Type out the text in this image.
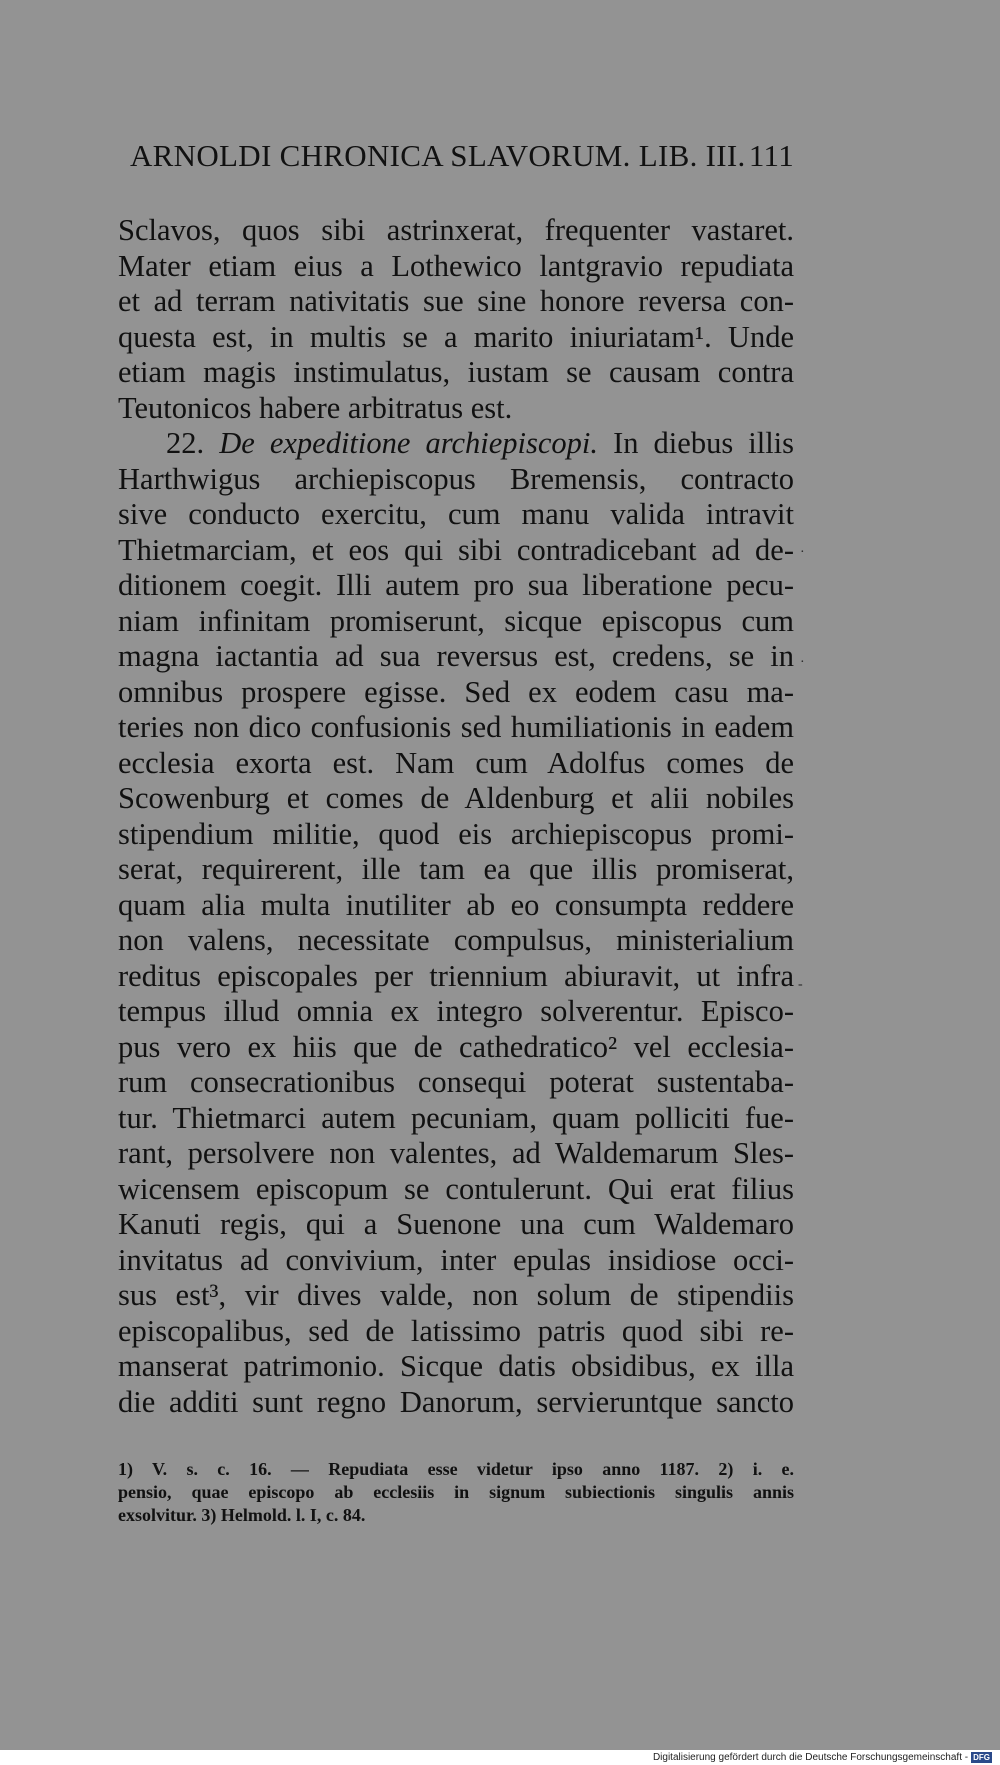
ARNOLDI CHRONICA SLAVORUM. LIB. III. 111
Sclavos, quos sibi astrinxerat, frequenter vastaret.
Mater etiam eius a Lothewico lantgravio repudiata
et ad terram nativitatis sue sine honore reversa con-
questa est, in multis se a marito iniuriatam¹. Unde
etiam magis instimulatus, iustam se causam contra
Teutonicos habere arbitratus est.
22. De expeditione archiepiscopi. In diebus illis
Harthwigus archiepiscopus Bremensis, contracto
sive conducto exercitu, cum manu valida intravit
Thietmarciam, et eos qui sibi contradicebant ad de-
ditionem coegit. Illi autem pro sua liberatione pecu-
niam infinitam promiserunt, sicque episcopus cum
magna iactantia ad sua reversus est, credens, se in
omnibus prospere egisse. Sed ex eodem casu ma-
teries non dico confusionis sed humiliationis in eadem
ecclesia exorta est. Nam cum Adolfus comes de
Scowenburg et comes de Aldenburg et alii nobiles
stipendium militie, quod eis archiepiscopus promi-
serat, requirerent, ille tam ea que illis promiserat,
quam alia multa inutiliter ab eo consumpta reddere
non valens, necessitate compulsus, ministerialium
reditus episcopales per triennium abiuravit, ut infra
tempus illud omnia ex integro solverentur. Episco-
pus vero ex hiis que de cathedratico² vel ecclesia-
rum consecrationibus consequi poterat sustentaba-
tur. Thietmarci autem pecuniam, quam polliciti fue-
rant, persolvere non valentes, ad Waldemarum Sles-
wicensem episcopum se contulerunt. Qui erat filius
Kanuti regis, qui a Suenone una cum Waldemaro
invitatus ad convivium, inter epulas insidiose occi-
sus est³, vir dives valde, non solum de stipendiis
episcopalibus, sed de latissimo patris quod sibi re-
manserat patrimonio. Sicque datis obsidibus, ex illa
die additi sunt regno Danorum, servieruntque sancto
·
·
-
1) V. s. c. 16. — Repudiata esse videtur ipso anno 1187. 2) i. e.
pensio, quae episcopo ab ecclesiis in signum subiectionis singulis annis
exsolvitur. 3) Helmold. l. I, c. 84.
Digitalisierung gefördert durch die Deutsche Forschungsgemeinschaft - DFG
